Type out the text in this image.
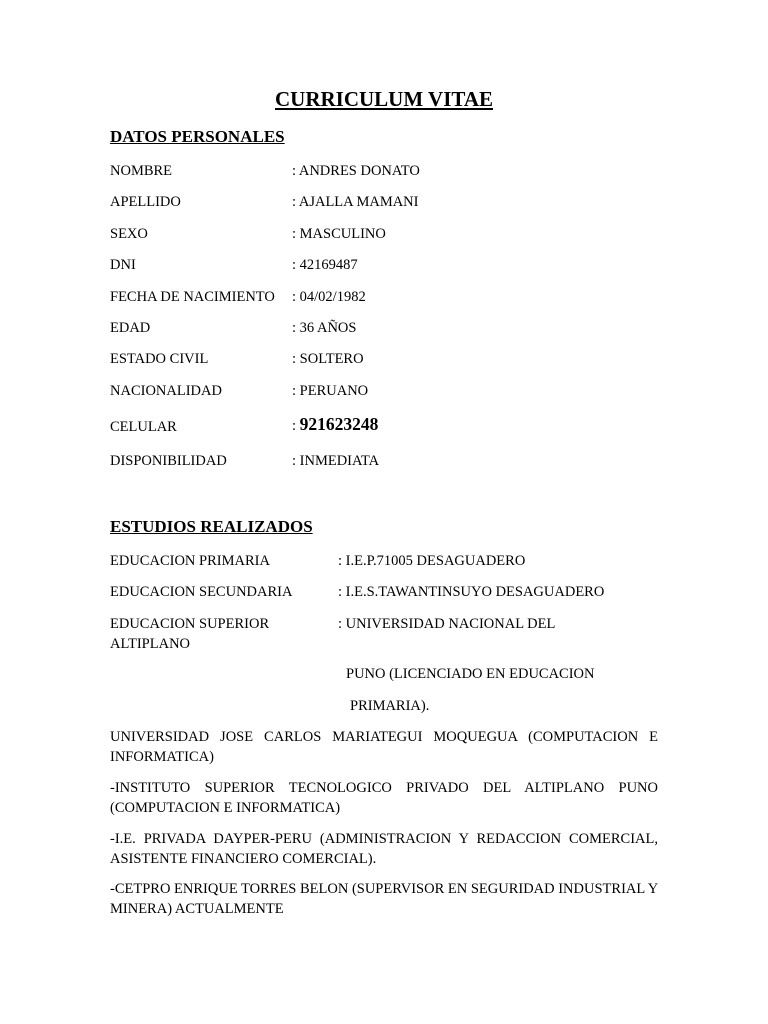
CURRICULUM VITAE
DATOS PERSONALES
NOMBRE	: ANDRES DONATO
APELLIDO	: AJALLA MAMANI
SEXO	: MASCULINO
DNI	: 42169487
FECHA DE NACIMIENTO : 04/02/1982
EDAD	: 36 AÑOS
ESTADO CIVIL	: SOLTERO
NACIONALIDAD	: PERUANO
CELULAR	: 921623248
DISPONIBILIDAD	: INMEDIATA
ESTUDIOS REALIZADOS
EDUCACION PRIMARIA	: I.E.P.71005 DESAGUADERO
EDUCACION SECUNDARIA	: I.E.S.TAWANTINSUYO DESAGUADERO
EDUCACION SUPERIOR ALTIPLANO
: UNIVERSIDAD NACIONAL DEL
PUNO (LICENCIADO EN EDUCACION
PRIMARIA).

UNIVERSIDAD JOSE CARLOS MARIATEGUI MOQUEGUA (COMPUTACION E INFORMATICA)

-INSTITUTO SUPERIOR TECNOLOGICO PRIVADO DEL ALTIPLANO PUNO (COMPUTACION E INFORMATICA)

-I.E. PRIVADA DAYPER-PERU (ADMINISTRACION Y REDACCION COMERCIAL, ASISTENTE FINANCIERO COMERCIAL).

-CETPRO ENRIQUE TORRES BELON (SUPERVISOR EN SEGURIDAD INDUSTRIAL Y MINERA) ACTUALMENTE
